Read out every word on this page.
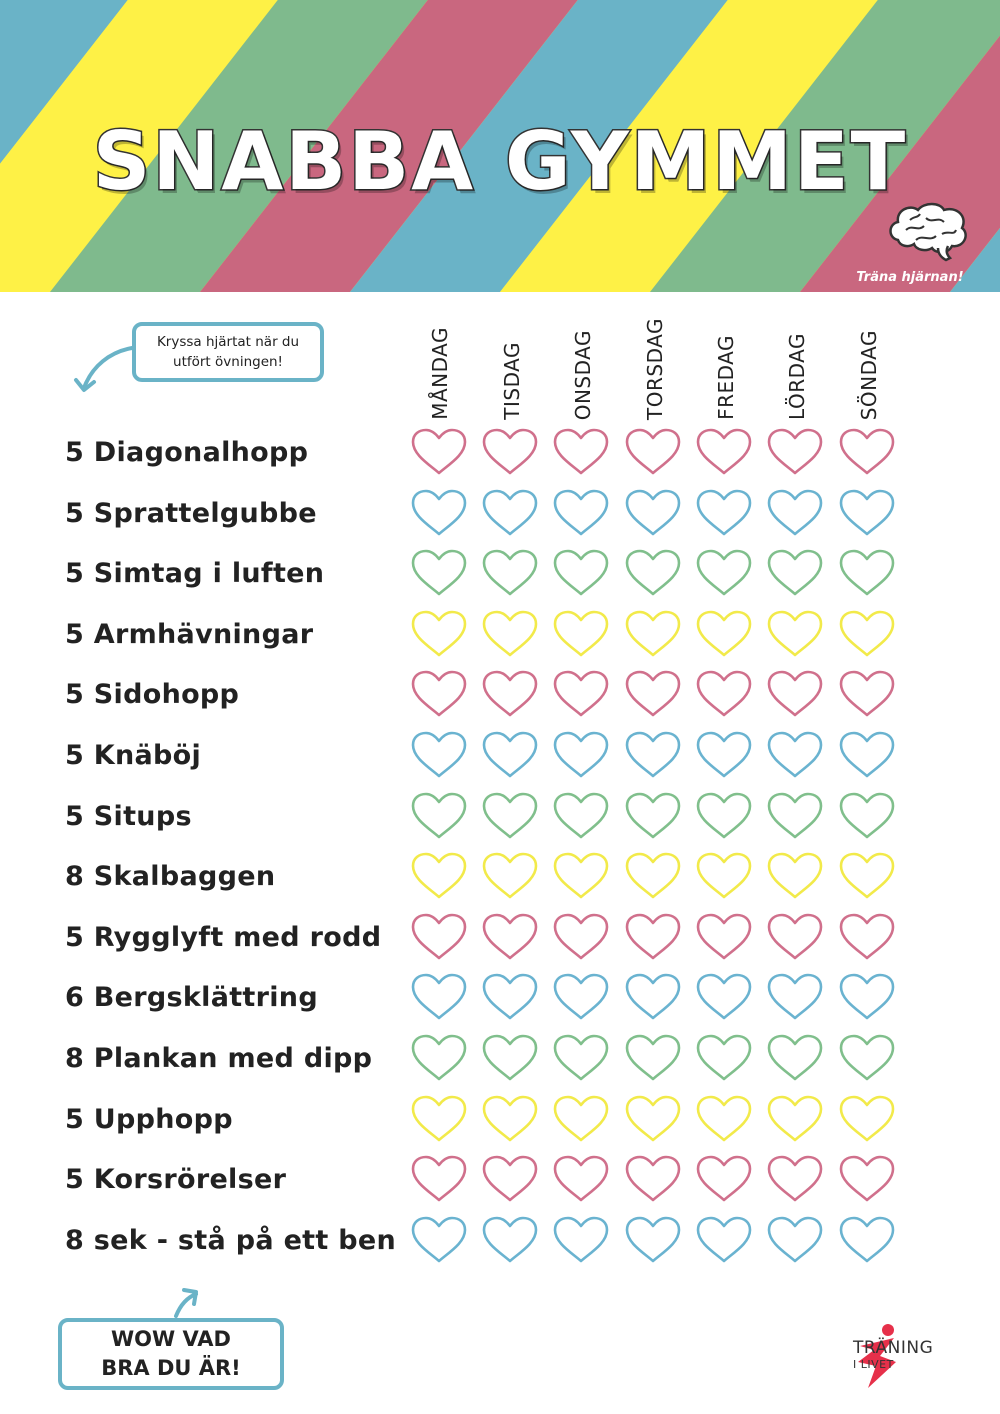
SNABBA GYMMET
Träna hjärnan!
Kryssa hjärtat när du utfört övningen!	MÅNDAG TISDAG ONSDAG TORSDAG FREDAG LÖRDAG SÖNDAG
5 Diagonalhopp
5 Sprattelgubbe
5 Simtag i luften
5 Armhävningar
5 Sidohopp
5 Knäböj
5 Situps
8 Skalbaggen
5 Rygglyft med rodd
6 Bergsklättring
8 Plankan med dipp
5 Upphopp
5 Korsrörelser
8 sek - stå på ett ben
WOW VAD
BRA DU ÄR!
TRÄNING
I LIVET
